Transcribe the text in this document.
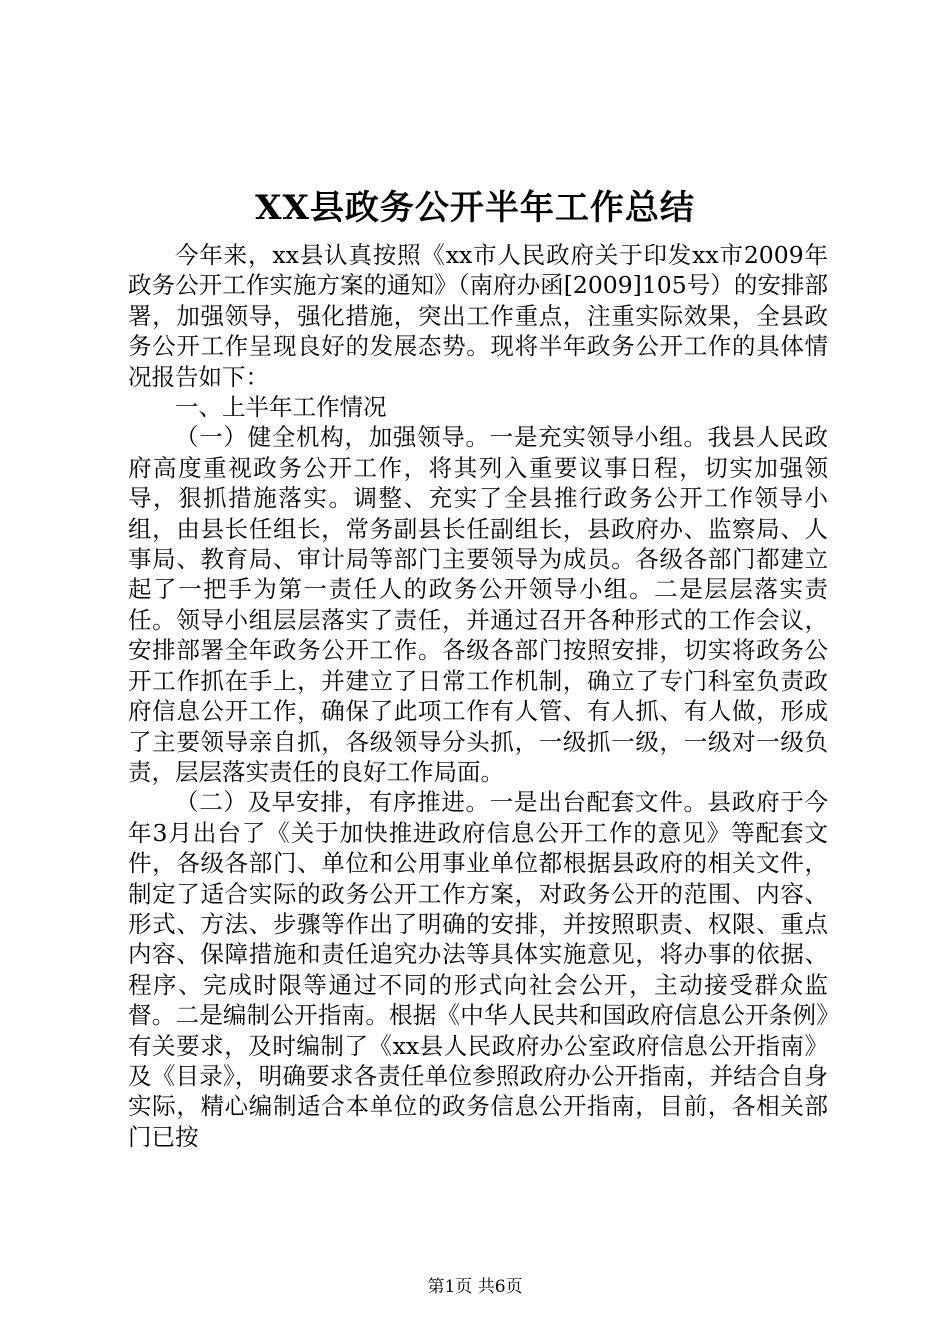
XX县政务公开半年工作总结

今年来，xx县认真按照《xx市人民政府关于印发xx市2009年政务公开工作实施方案的通知》（南府办函[2009]105号）的安排部署，加强领导，强化措施，突出工作重点，注重实际效果，全县政务公开工作呈现良好的发展态势。现将半年政务公开工作的具体情况报告如下：

一、上半年工作情况

（一）健全机构，加强领导。一是充实领导小组。我县人民政府高度重视政务公开工作，将其列入重要议事日程，切实加强领导，狠抓措施落实。调整、充实了全县推行政务公开工作领导小组，由县长任组长，常务副县长任副组长，县政府办、监察局、人事局、教育局、审计局等部门主要领导为成员。各级各部门都建立起了一把手为第一责任人的政务公开领导小组。二是层层落实责任。领导小组层层落实了责任，并通过召开各种形式的工作会议，安排部署全年政务公开工作。各级各部门按照安排，切实将政务公开工作抓在手上，并建立了日常工作机制，确立了专门科室负责政府信息公开工作，确保了此项工作有人管、有人抓、有人做，形成了主要领导亲自抓，各级领导分头抓，一级抓一级，一级对一级负责，层层落实责任的良好工作局面。

（二）及早安排，有序推进。一是出台配套文件。县政府于今年3月出台了《关于加快推进政府信息公开工作的意见》等配套文件，各级各部门、单位和公用事业单位都根据县政府的相关文件，制定了适合实际的政务公开工作方案，对政务公开的范围、内容、形式、方法、步骤等作出了明确的安排，并按照职责、权限、重点内容、保障措施和责任追究办法等具体实施意见，将办事的依据、程序、完成时限等通过不同的形式向社会公开，主动接受群众监督。二是编制公开指南。根据《中华人民共和国政府信息公开条例》有关要求，及时编制了《xx县人民政府办公室政府信息公开指南》及《目录》，明确要求各责任单位参照政府办公开指南，并结合自身实际，精心编制适合本单位的政务信息公开指南，目前，各相关部门已按

第1页 共6页
